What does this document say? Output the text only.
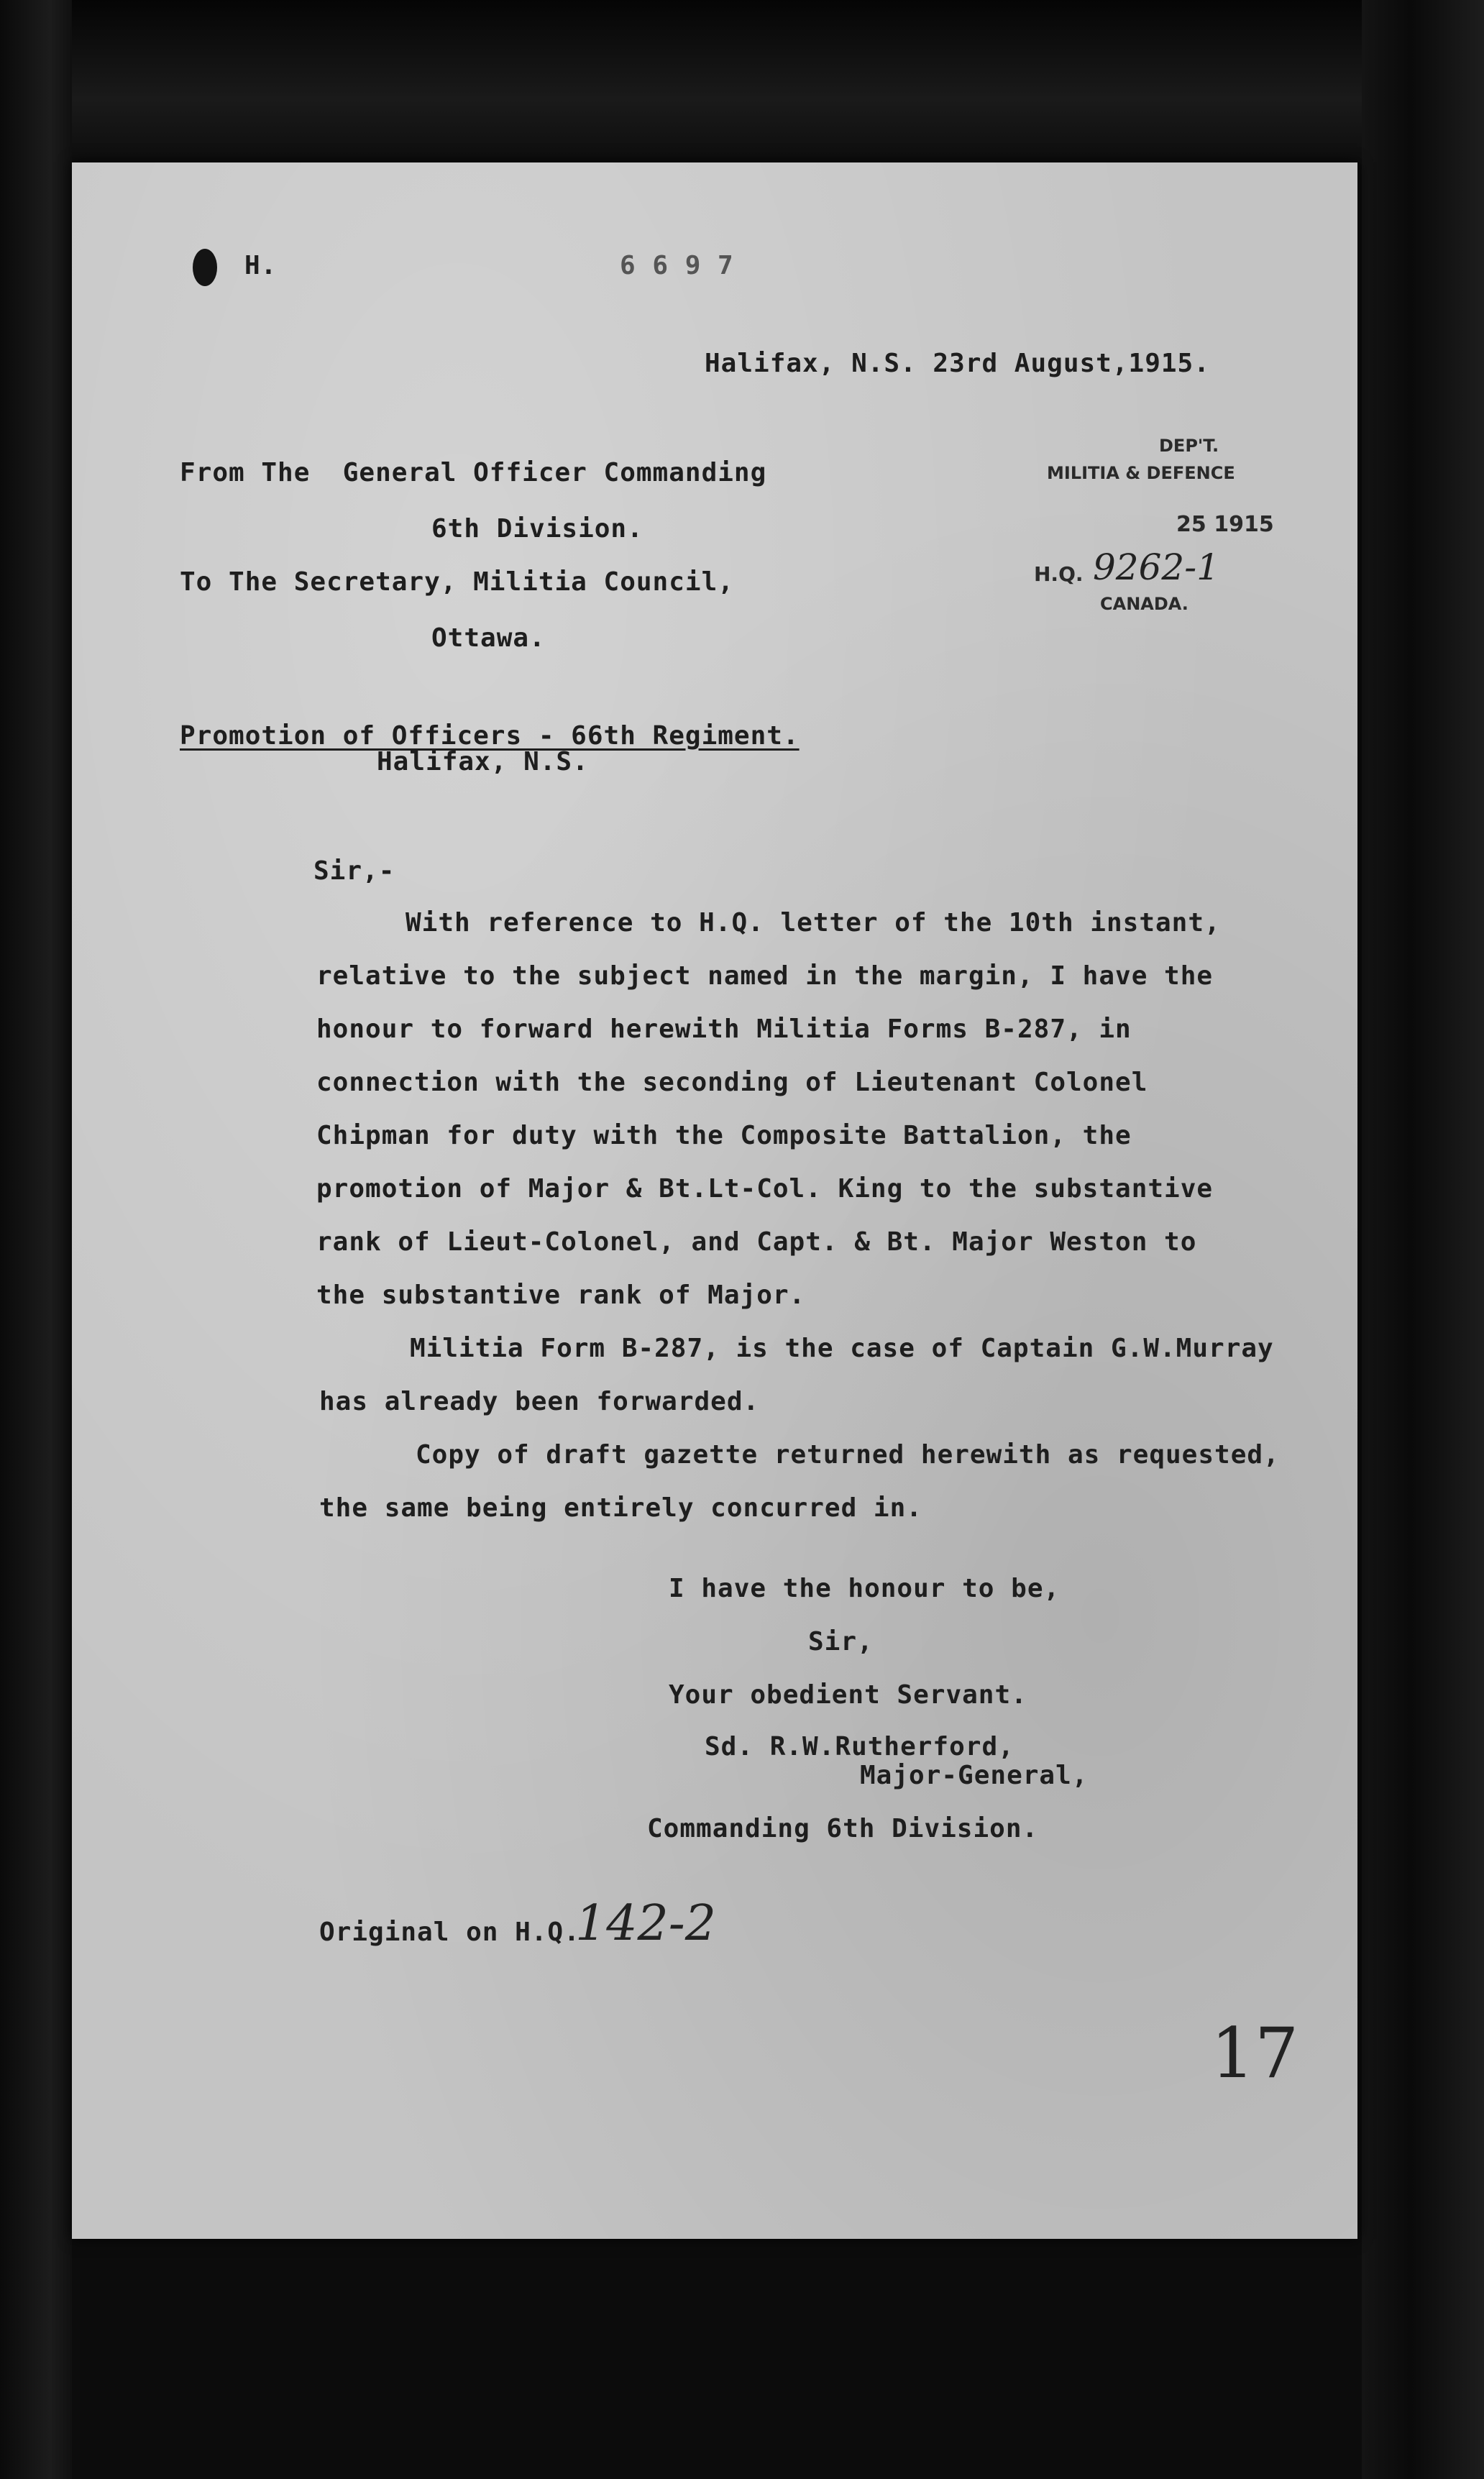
H.	6 6 9 7
Halifax, N.S. 23rd August,1915.
DEP'T.
MILITIA & DEFENCE
25 1915
H.Q. 9262-1
CANADA.
From The  General Officer Commanding
6th Division.
To The Secretary, Militia Council,
Ottawa.
Promotion of Officers - 66th Regiment.
Halifax, N.S.
Sir,-
With reference to H.Q. letter of the 10th instant,
relative to the subject named in the margin, I have the
honour to forward herewith Militia Forms B-287, in
connection with the seconding of Lieutenant Colonel
Chipman for duty with the Composite Battalion, the
promotion of Major & Bt.Lt-Col. King to the substantive
rank of Lieut-Colonel, and Capt. & Bt. Major Weston to
the substantive rank of Major.
Militia Form B-287, is the case of Captain G.W.Murray
has already been forwarded.
Copy of draft gazette returned herewith as requested,
the same being entirely concurred in.
I have the honour to be,
Sir,
Your obedient Servant.
Sd. R.W.Rutherford,
Major-General,
Commanding 6th Division.
Original on H.Q.
142-2
17
